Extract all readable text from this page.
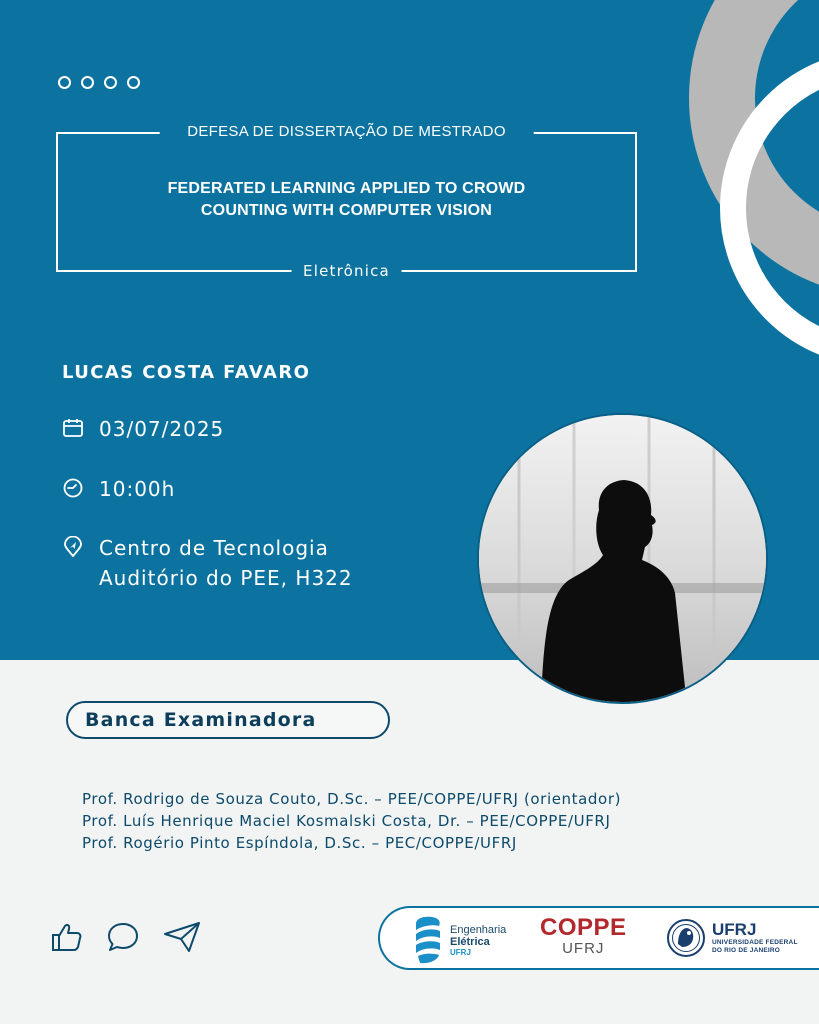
DEFESA DE DISSERTAÇÃO DE MESTRADO
FEDERATED LEARNING APPLIED TO CROWD
COUNTING WITH COMPUTER VISION
Eletrônica
LUCAS COSTA FAVARO
03/07/2025
10:00h
Centro de Tecnologia
Auditório do PEE, H322
Banca Examinadora
Prof. Rodrigo de Souza Couto, D.Sc. – PEE/COPPE/UFRJ (orientador)
Prof. Luís Henrique Maciel Kosmalski Costa, Dr. – PEE/COPPE/UFRJ
Prof. Rogério Pinto Espíndola, D.Sc. – PEC/COPPE/UFRJ
Engenharia
Elétrica
UFRJ
COPPE
UFRJ
UFRJ
UNIVERSIDADE FEDERAL
DO RIO DE JANEIRO
